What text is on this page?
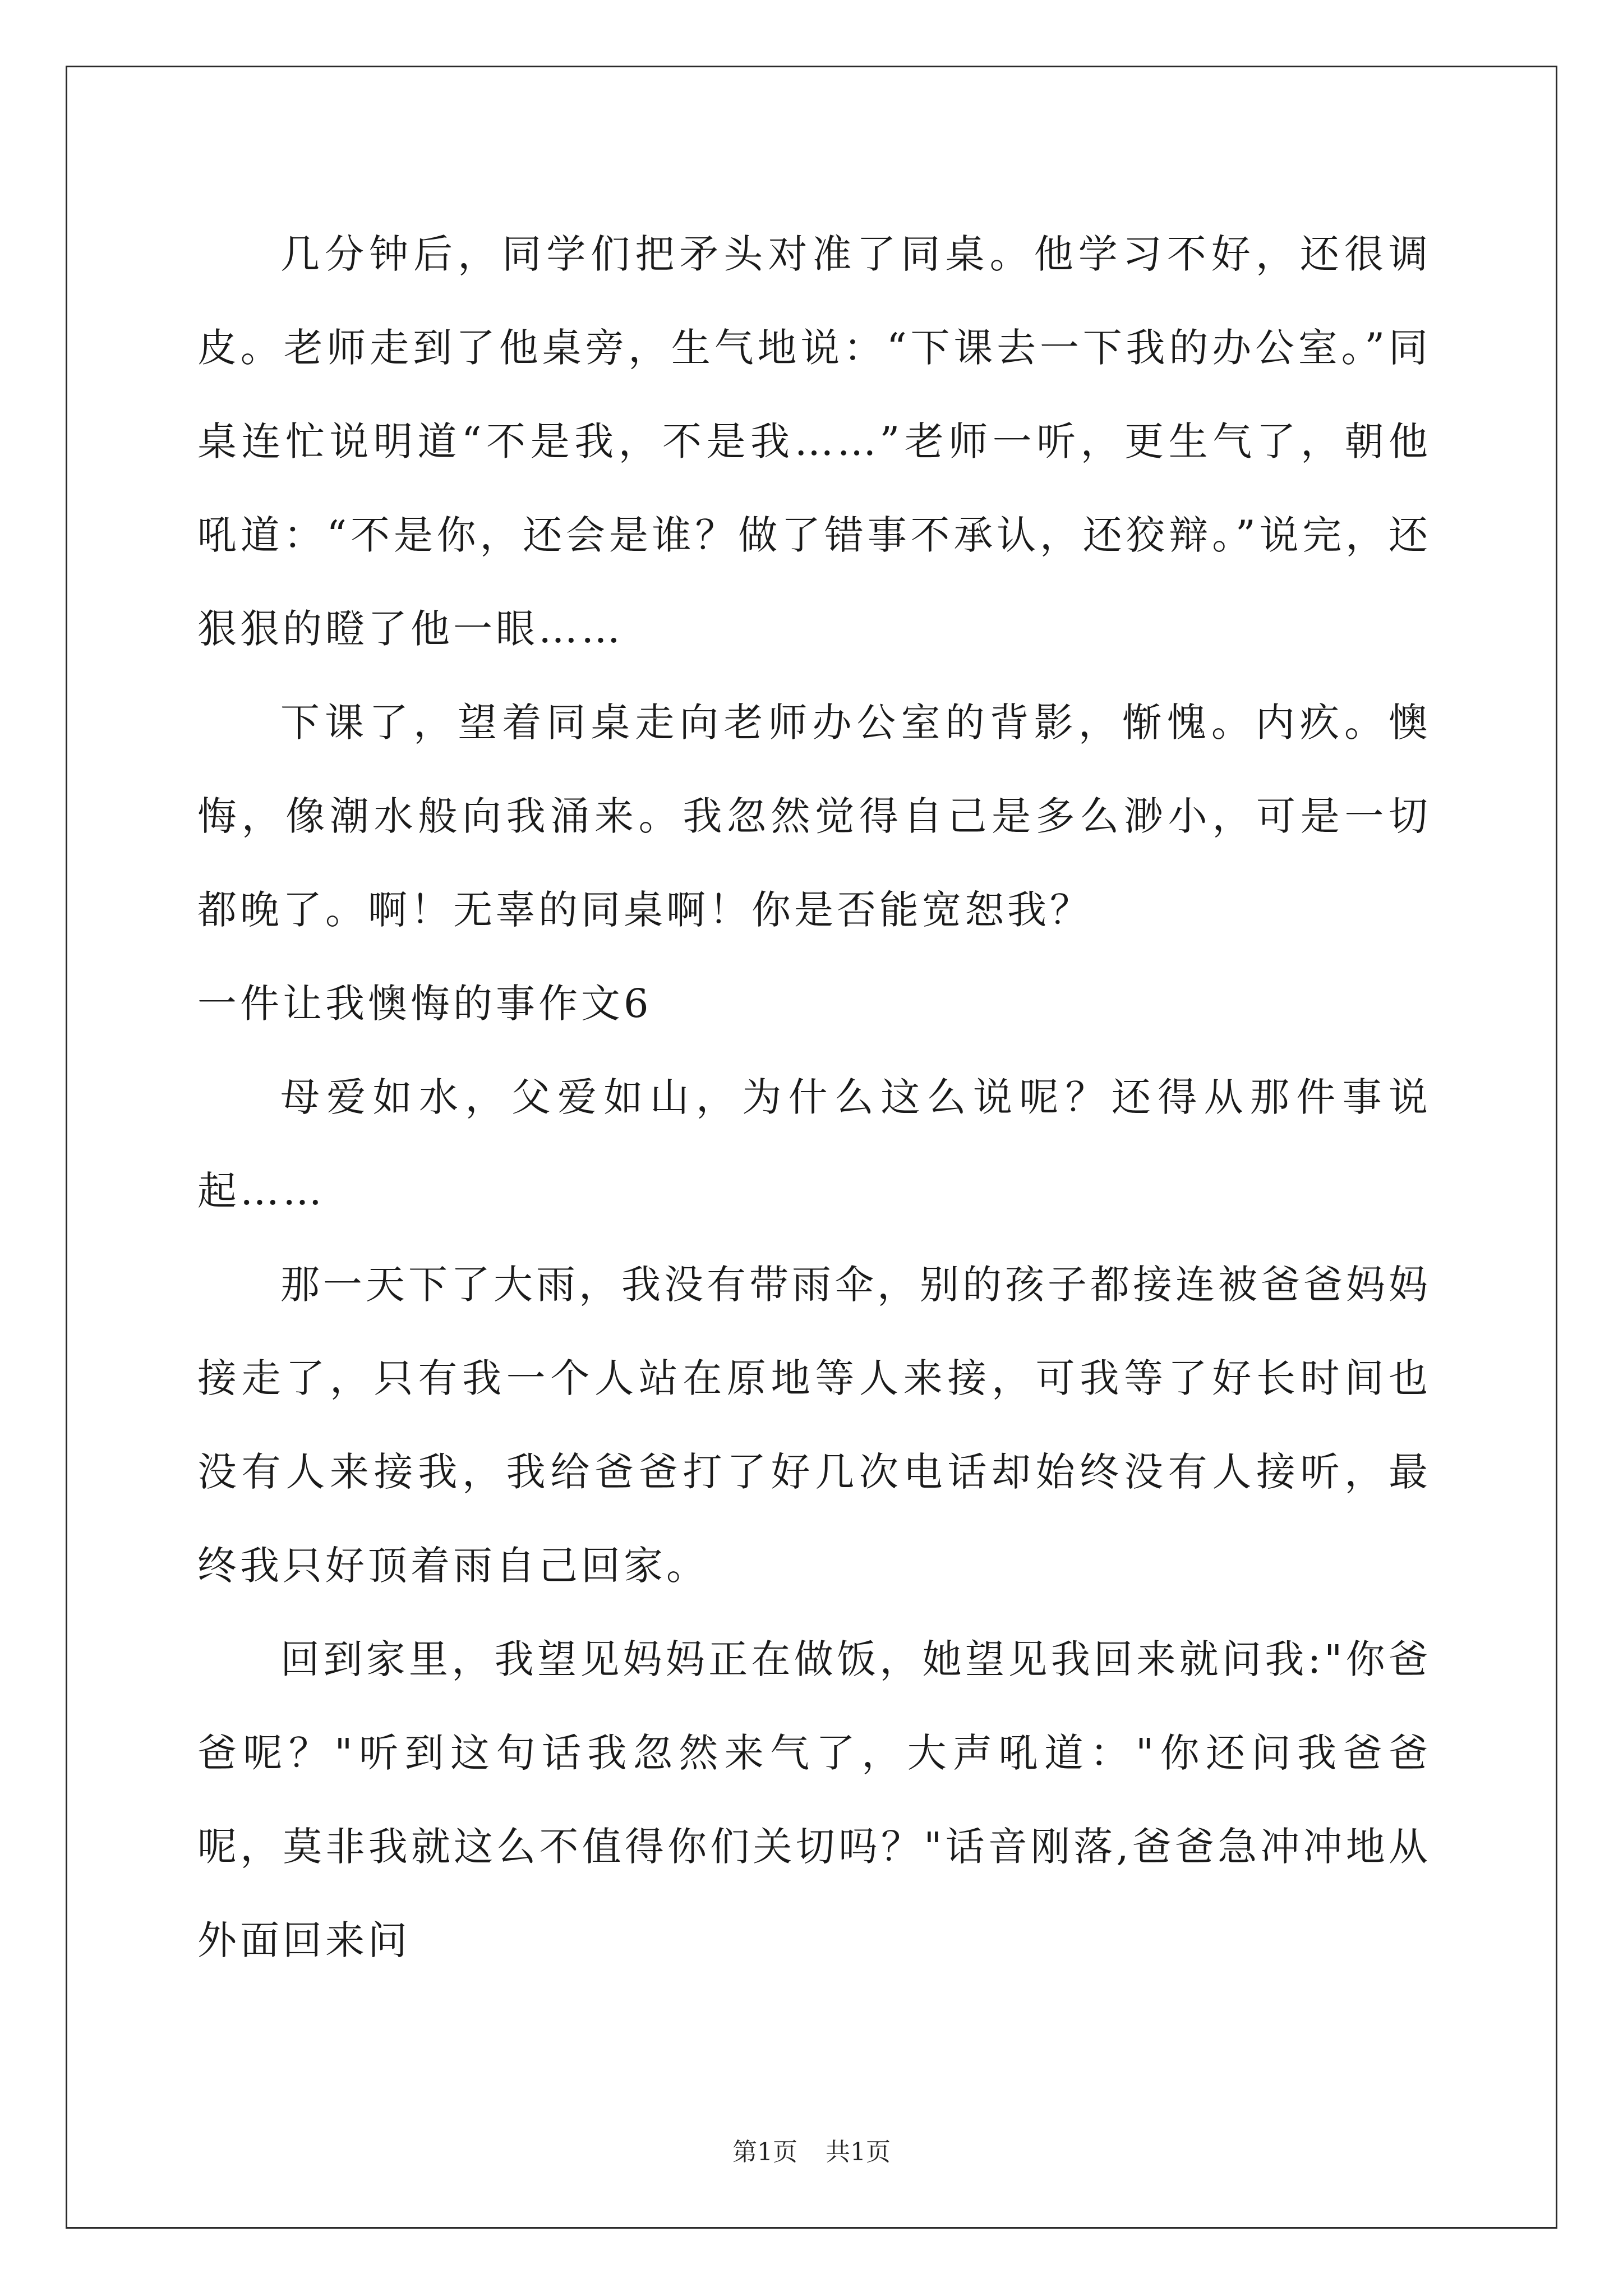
几分钟后，同学们把矛头对准了同桌。他学习不好，还很调皮。老师走到了他桌旁，生气地说：“下课去一下我的办公室。”同桌连忙说明道“不是我，不是我……”老师一听，更生气了，朝他吼道：“不是你，还会是谁？做了错事不承认，还狡辩。”说完，还狠狠的瞪了他一眼……

下课了，望着同桌走向老师办公室的背影，惭愧。内疚。懊悔，像潮水般向我涌来。我忽然觉得自己是多么渺小，可是一切都晚了。啊！无辜的同桌啊！你是否能宽恕我？

一件让我懊悔的事作文6

母爱如水，父爱如山，为什么这么说呢？还得从那件事说起……

那一天下了大雨，我没有带雨伞，别的孩子都接连被爸爸妈妈接走了，只有我一个人站在原地等人来接，可我等了好长时间也没有人来接我，我给爸爸打了好几次电话却始终没有人接听，最终我只好顶着雨自己回家。

回到家里，我望见妈妈正在做饭，她望见我回来就问我:"你爸爸呢？"听到这句话我忽然来气了，大声吼道："你还问我爸爸呢，莫非我就这么不值得你们关切吗？"话音刚落,爸爸急冲冲地从外面回来问

第1页 共1页
